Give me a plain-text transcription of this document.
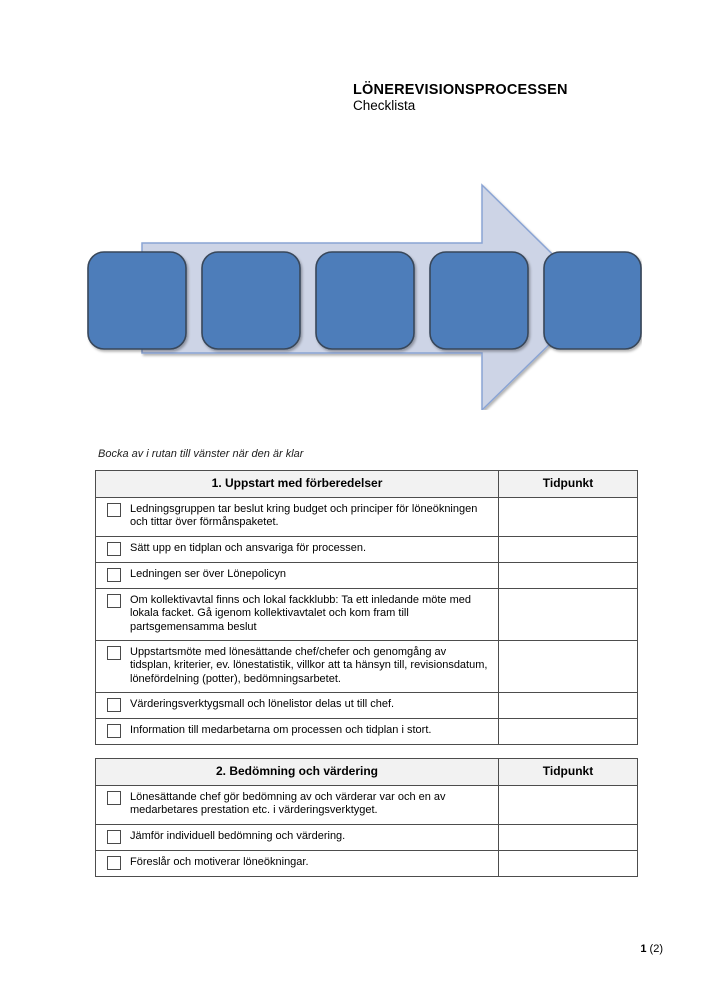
LÖNEREVISIONSPROCESSEN
Checklista
Bocka av i rutan till vänster när den är klar
1. Uppstart med förberedelser	Tidpunkt

Ledningsgruppen tar beslut kring budget och principer för löneökningen och tittar över förmånspaketet.	

Sätt upp en tidplan och ansvariga för processen.	

Ledningen ser över Lönepolicyn	

Om kollektivavtal finns och lokal fackklubb: Ta ett inledande möte med lokala facket. Gå igenom kollektivavtalet och kom fram till partsgemensamma beslut	

Uppstartsmöte med lönesättande chef/chefer och genomgång av tidsplan, kriterier, ev. lönestatistik, villkor att ta hänsyn till, revisionsdatum, lönefördelning (potter), bedömningsarbetet.	

Värderingsverktygsmall och lönelistor delas ut till chef.	

Information till medarbetarna om processen och tidplan i stort.	

2. Bedömning och värdering	Tidpunkt

Lönesättande chef gör bedömning av och värderar var och en av medarbetares prestation etc. i värderingsverktyget.	

Jämför individuell bedömning och värdering.	

Föreslår och motiverar löneökningar.	

1 (2)
